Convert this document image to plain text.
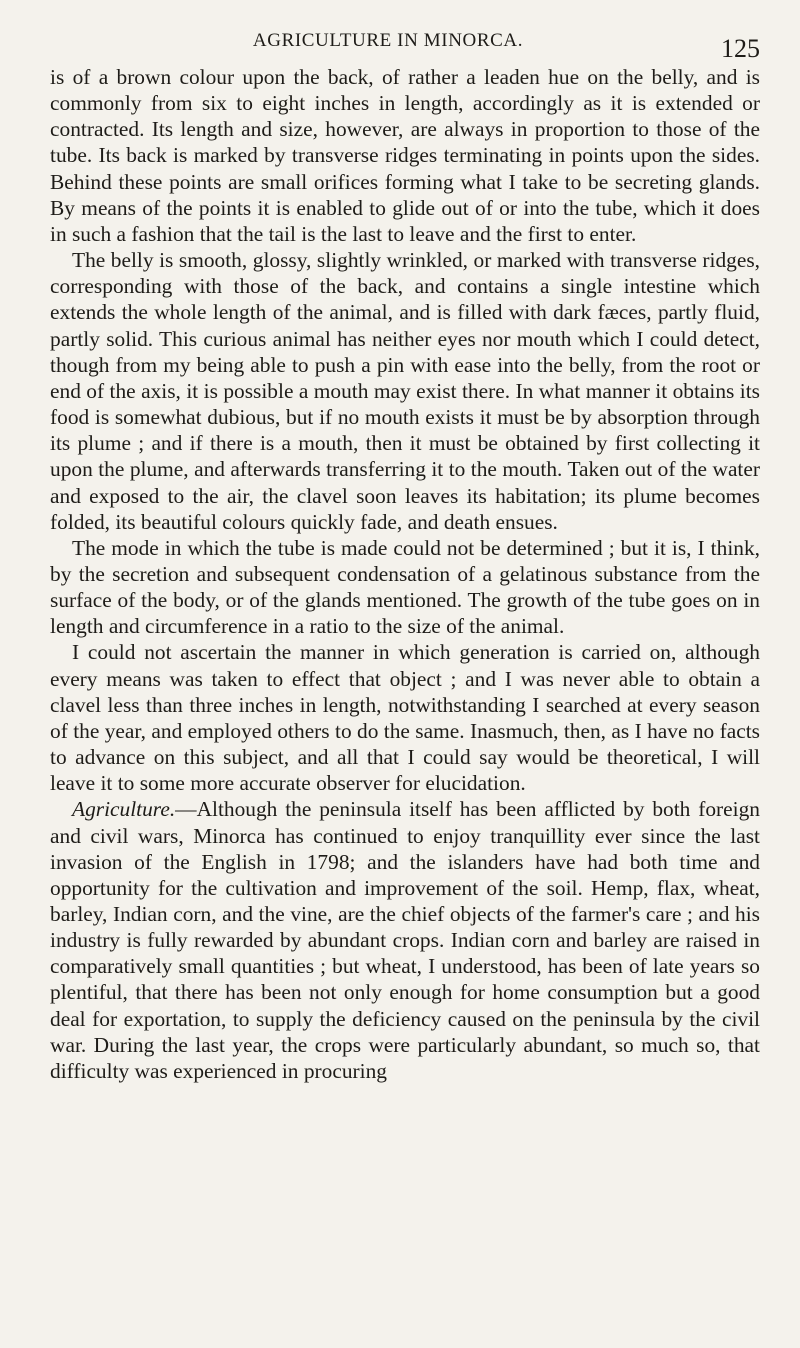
AGRICULTURE IN MINORCA.	125

is of a brown colour upon the back, of rather a leaden hue on the belly, and is commonly from six to eight inches in length, accordingly as it is extended or contracted. Its length and size, however, are always in proportion to those of the tube. Its back is marked by transverse ridges terminating in points upon the sides. Behind these points are small orifices forming what I take to be secreting glands. By means of the points it is enabled to glide out of or into the tube, which it does in such a fashion that the tail is the last to leave and the first to enter.

The belly is smooth, glossy, slightly wrinkled, or marked with transverse ridges, corresponding with those of the back, and contains a single intestine which extends the whole length of the animal, and is filled with dark fæces, partly fluid, partly solid. This curious animal has neither eyes nor mouth which I could detect, though from my being able to push a pin with ease into the belly, from the root or end of the axis, it is possible a mouth may exist there. In what manner it obtains its food is somewhat dubious, but if no mouth exists it must be by absorption through its plume ; and if there is a mouth, then it must be obtained by first collecting it upon the plume, and afterwards transferring it to the mouth. Taken out of the water and exposed to the air, the clavel soon leaves its habitation; its plume becomes folded, its beautiful colours quickly fade, and death ensues.

The mode in which the tube is made could not be determined ; but it is, I think, by the secretion and subsequent condensation of a gelatinous substance from the surface of the body, or of the glands mentioned. The growth of the tube goes on in length and circumference in a ratio to the size of the animal.

I could not ascertain the manner in which generation is carried on, although every means was taken to effect that object ; and I was never able to obtain a clavel less than three inches in length, notwithstanding I searched at every season of the year, and employed others to do the same. Inasmuch, then, as I have no facts to advance on this subject, and all that I could say would be theoretical, I will leave it to some more accurate observer for elucidation.

Agriculture.—Although the peninsula itself has been afflicted by both foreign and civil wars, Minorca has continued to enjoy tranquillity ever since the last invasion of the English in 1798; and the islanders have had both time and opportunity for the cultivation and improvement of the soil. Hemp, flax, wheat, barley, Indian corn, and the vine, are the chief objects of the farmer's care ; and his industry is fully rewarded by abundant crops. Indian corn and barley are raised in comparatively small quantities ; but wheat, I understood, has been of late years so plentiful, that there has been not only enough for home consumption but a good deal for exportation, to supply the deficiency caused on the peninsula by the civil war. During the last year, the crops were particularly abundant, so much so, that difficulty was experienced in procuring
